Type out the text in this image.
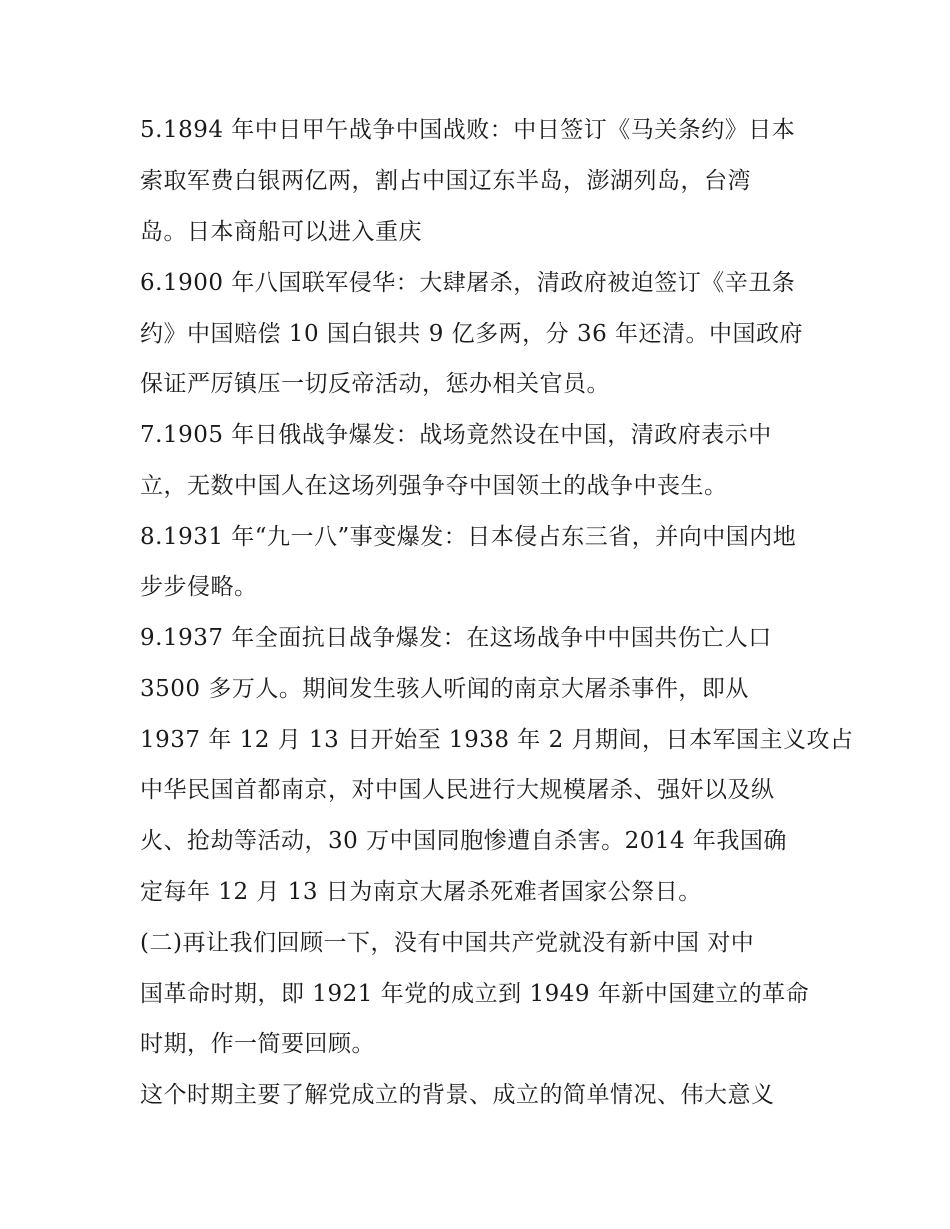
5.1894 年中日甲午战争中国战败：中日签订《马关条约》日本
索取军费白银两亿两，割占中国辽东半岛，澎湖列岛，台湾
岛。日本商船可以进入重庆
6.1900 年八国联军侵华：大肆屠杀，清政府被迫签订《辛丑条
约》中国赔偿 10 国白银共 9 亿多两，分 36 年还清。中国政府
保证严厉镇压一切反帝活动，惩办相关官员。
7.1905 年日俄战争爆发：战场竟然设在中国，清政府表示中
立，无数中国人在这场列强争夺中国领土的战争中丧生。
8.1931 年“九一八”事变爆发：日本侵占东三省，并向中国内地
步步侵略。
9.1937 年全面抗日战争爆发：在这场战争中中国共伤亡人口
3500 多万人。期间发生骇人听闻的南京大屠杀事件，即从
1937 年 12 月 13 日开始至 1938 年 2 月期间，日本军国主义攻占
中华民国首都南京，对中国人民进行大规模屠杀、强奸以及纵
火、抢劫等活动，30 万中国同胞惨遭自杀害。2014 年我国确
定每年 12 月 13 日为南京大屠杀死难者国家公祭日。
(二)再让我们回顾一下，没有中国共产党就没有新中国 对中
国革命时期，即 1921 年党的成立到 1949 年新中国建立的革命
时期，作一简要回顾。
这个时期主要了解党成立的背景、成立的简单情况、伟大意义
